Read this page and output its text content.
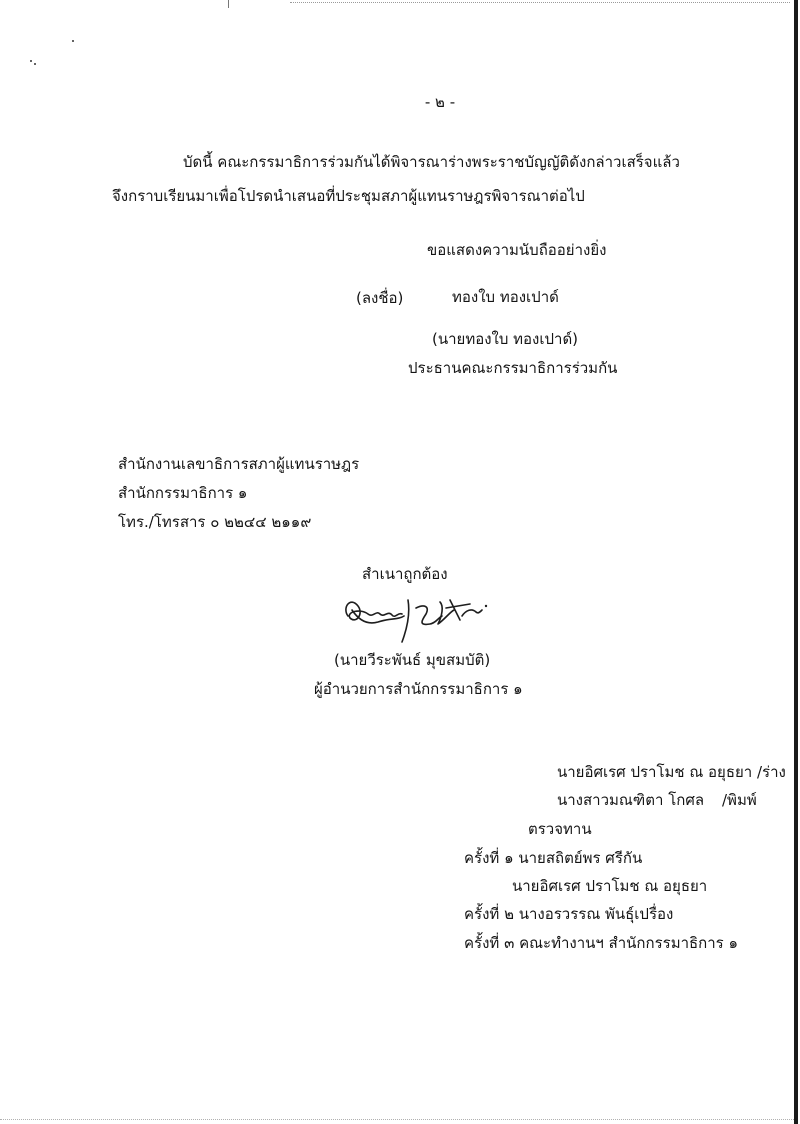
- ๒ -
บัดนี้ คณะกรรมาธิการร่วมกันได้พิจารณาร่างพระราชบัญญัติดังกล่าวเสร็จแล้ว
จึงกราบเรียนมาเพื่อโปรดนำเสนอที่ประชุมสภาผู้แทนราษฎรพิจารณาต่อไป
ขอแสดงความนับถืออย่างยิ่ง
(ลงชื่อ)	ทองใบ ทองเปาด์
(นายทองใบ ทองเปาด์)
ประธานคณะกรรมาธิการร่วมกัน
สำนักงานเลขาธิการสภาผู้แทนราษฎร
สำนักกรรมาธิการ ๑
โทร./โทรสาร ๐ ๒๒๔๔ ๒๑๑๙
สำเนาถูกต้อง
(นายวีระพันธ์ มุขสมบัติ)
ผู้อำนวยการสำนักกรรมาธิการ ๑
นายอิศเรศ ปราโมช ณ อยุธยา /ร่าง
นางสาวมณฑิตา โกศล /พิมพ์
ตรวจทาน
ครั้งที่ ๑ นายสถิตย์พร ศรีกัน
นายอิศเรศ ปราโมช ณ อยุธยา
ครั้งที่ ๒ นางอรวรรณ พันธุ์เปรื่อง
ครั้งที่ ๓ คณะทำงานฯ สำนักกรรมาธิการ ๑
